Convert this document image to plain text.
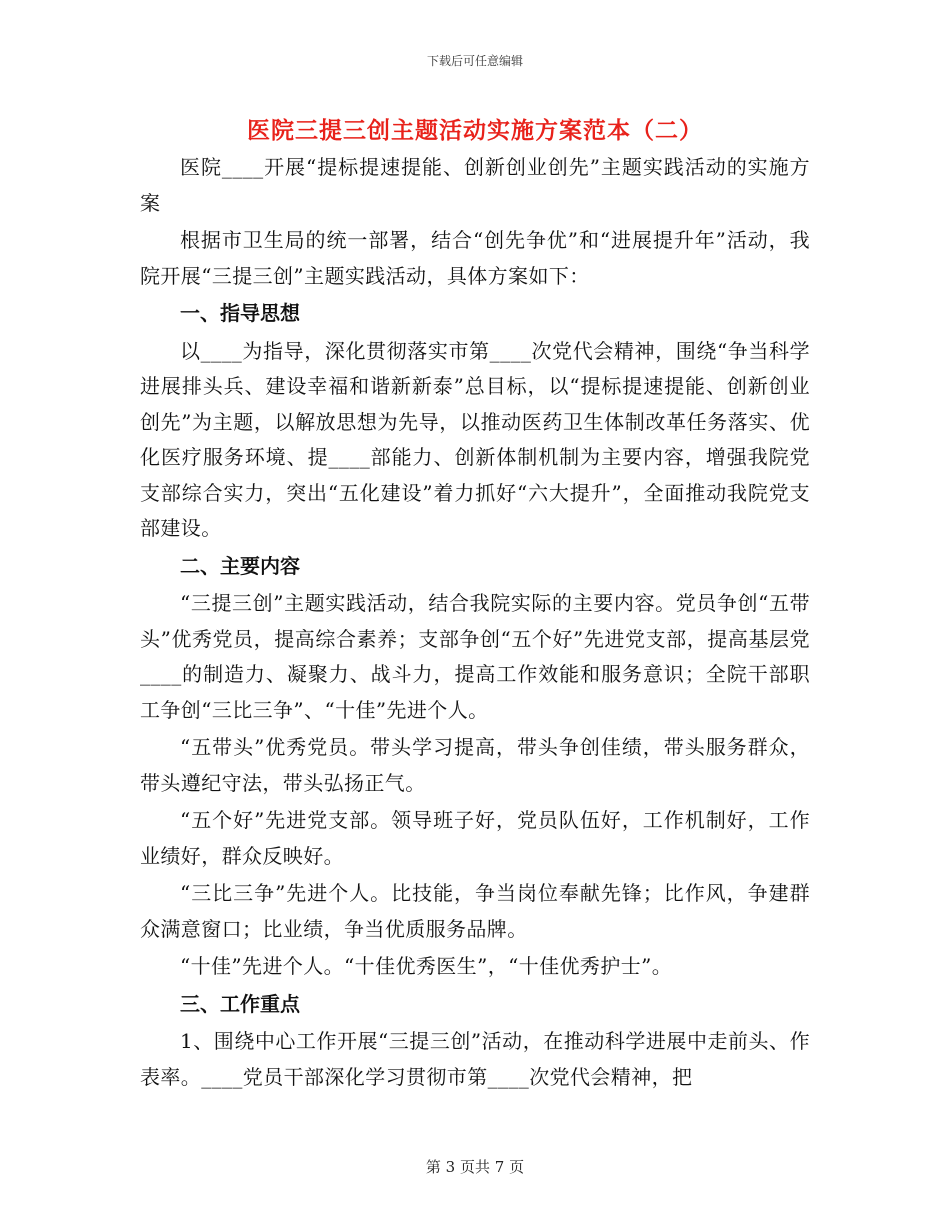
下载后可任意编辑
医院三提三创主题活动实施方案范本（二）

医院____开展“提标提速提能、创新创业创先”主题实践活动的实施方案

根据市卫生局的统一部署，结合“创先争优”和“进展提升年”活动，我院开展“三提三创”主题实践活动，具体方案如下：

一、指导思想

以____为指导，深化贯彻落实市第____次党代会精神，围绕“争当科学进展排头兵、建设幸福和谐新新泰”总目标，以“提标提速提能、创新创业创先”为主题，以解放思想为先导，以推动医药卫生体制改革任务落实、优化医疗服务环境、提____部能力、创新体制机制为主要内容，增强我院党支部综合实力，突出“五化建设”着力抓好“六大提升”，全面推动我院党支部建设。

二、主要内容

“三提三创”主题实践活动，结合我院实际的主要内容。党员争创“五带头”优秀党员，提高综合素养；支部争创“五个好”先进党支部，提高基层党____的制造力、凝聚力、战斗力，提高工作效能和服务意识；全院干部职工争创“三比三争”、“十佳”先进个人。

“五带头”优秀党员。带头学习提高，带头争创佳绩，带头服务群众，带头遵纪守法，带头弘扬正气。

“五个好”先进党支部。领导班子好，党员队伍好，工作机制好，工作业绩好，群众反映好。

“三比三争”先进个人。比技能，争当岗位奉献先锋；比作风，争建群众满意窗口；比业绩，争当优质服务品牌。

“十佳”先进个人。“十佳优秀医生”，“十佳优秀护士”。

三、工作重点

1、围绕中心工作开展“三提三创”活动，在推动科学进展中走前头、作表率。____党员干部深化学习贯彻市第____次党代会精神，把

第 3 页共 7 页
